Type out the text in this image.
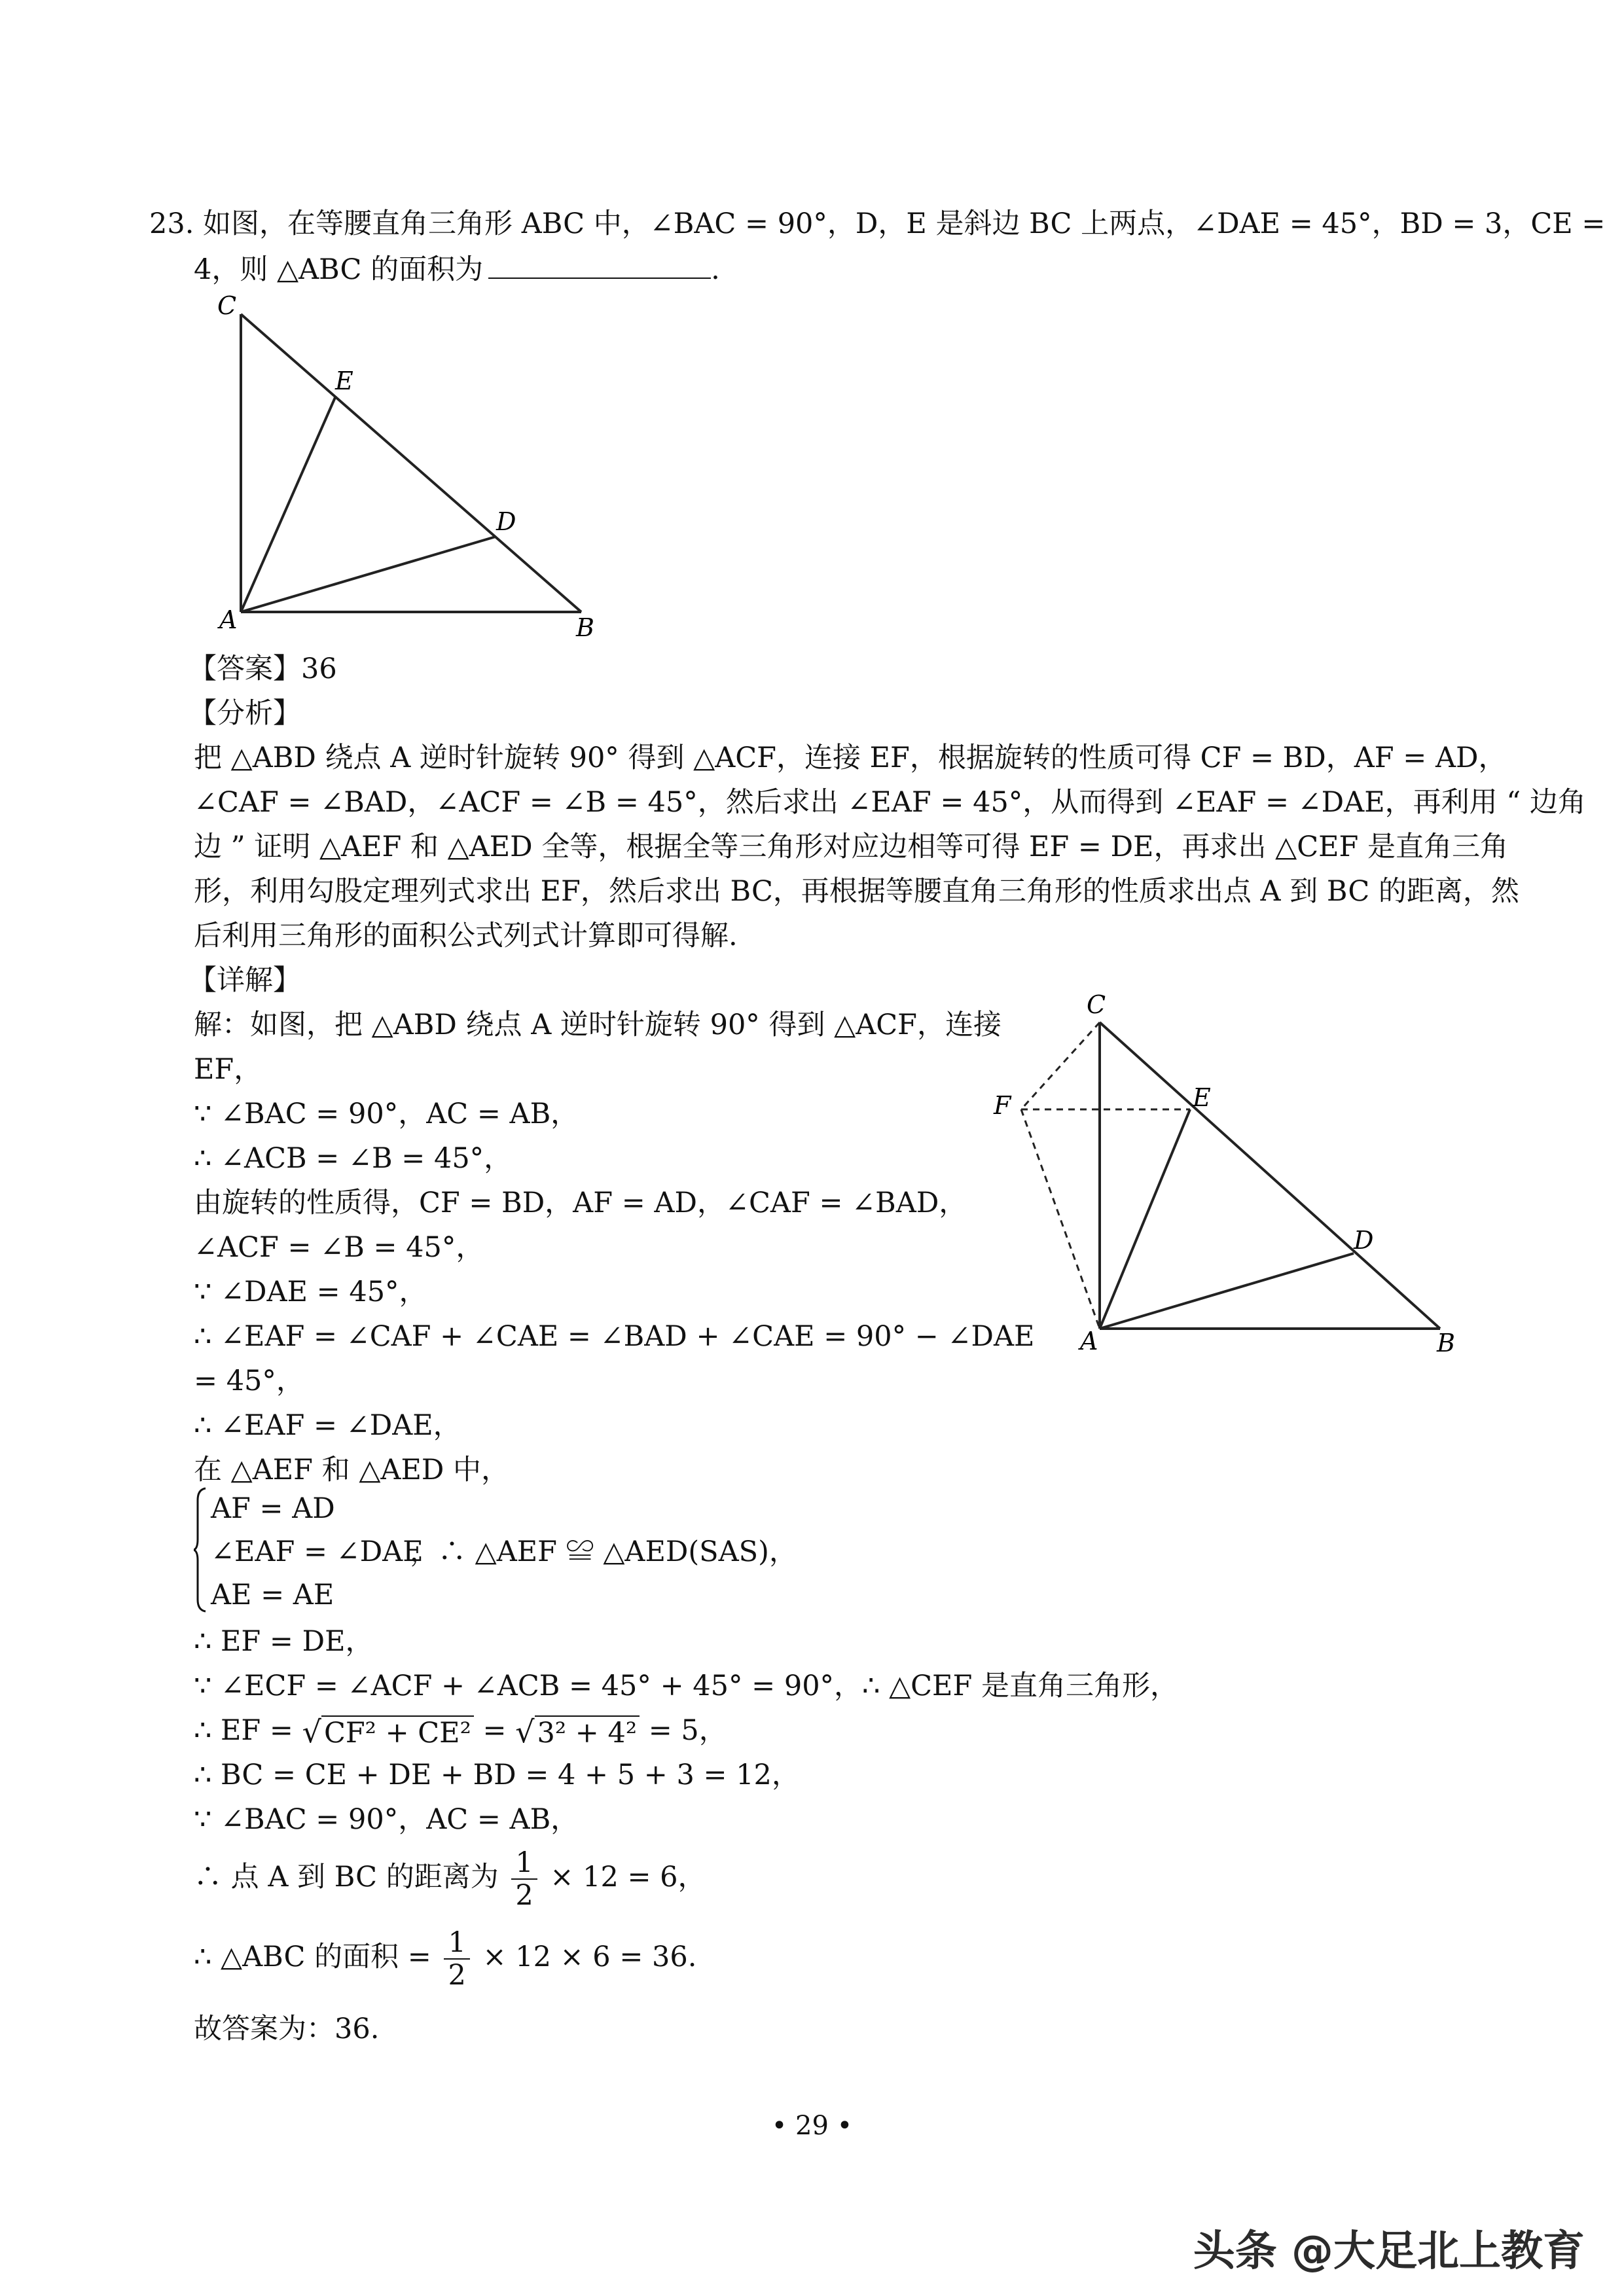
23. 如图，在等腰直角三角形 ABC 中，∠BAC = 90°，D，E 是斜边 BC 上两点，∠DAE = 45°，BD = 3，CE =
4，则 △ABC 的面积为	.
C
E
D
A	B
【答案】36
【分析】
把 △ABD 绕点 A 逆时针旋转 90° 得到 △ACF，连接 EF，根据旋转的性质可得 CF = BD，AF = AD，
∠CAF = ∠BAD，∠ACF = ∠B = 45°，然后求出 ∠EAF = 45°，从而得到 ∠EAF = ∠DAE，再利用 “ 边角
边 ” 证明 △AEF 和 △AED 全等，根据全等三角形对应边相等可得 EF = DE，再求出 △CEF 是直角三角
形，利用勾股定理列式求出 EF，然后求出 BC，再根据等腰直角三角形的性质求出点 A 到 BC 的距离，然
后利用三角形的面积公式列式计算即可得解.
【详解】
解：如图，把 △ABD 绕点 A 逆时针旋转 90° 得到 △ACF，连接
EF，
∵ ∠BAC = 90°，AC = AB，
∴ ∠ACB = ∠B = 45°，
由旋转的性质得，CF = BD，AF = AD，∠CAF = ∠BAD，
∠ACF = ∠B = 45°，
∵ ∠DAE = 45°，
∴ ∠EAF = ∠CAF + ∠CAE = ∠BAD + ∠CAE = 90° − ∠DAE
= 45°，
∴ ∠EAF = ∠DAE，
在 △AEF 和 △AED 中，
AF = AD
∠EAF = ∠DAE
AE = AE
，∴ △AEF ≌ △AED(SAS)，
∴ EF = DE，
∵ ∠ECF = ∠ACF + ∠ACB = 45° + 45° = 90°，∴ △CEF 是直角三角形，
∴ EF = √CF² + CE² = √3² + 4² = 5，
∴ BC = CE + DE + BD = 4 + 5 + 3 = 12，
∵ ∠BAC = 90°，AC = AB，
∴ 点 A 到 BC 的距离为 $\frac{1}{2} \times 12 = 6$，
∴ △ABC 的面积 = $\frac{1}{2} \times 12 \times 6 = 36$.
故答案为：36.
C
F	E
D
A	B
• 29 •
头条 @大足北上教育
